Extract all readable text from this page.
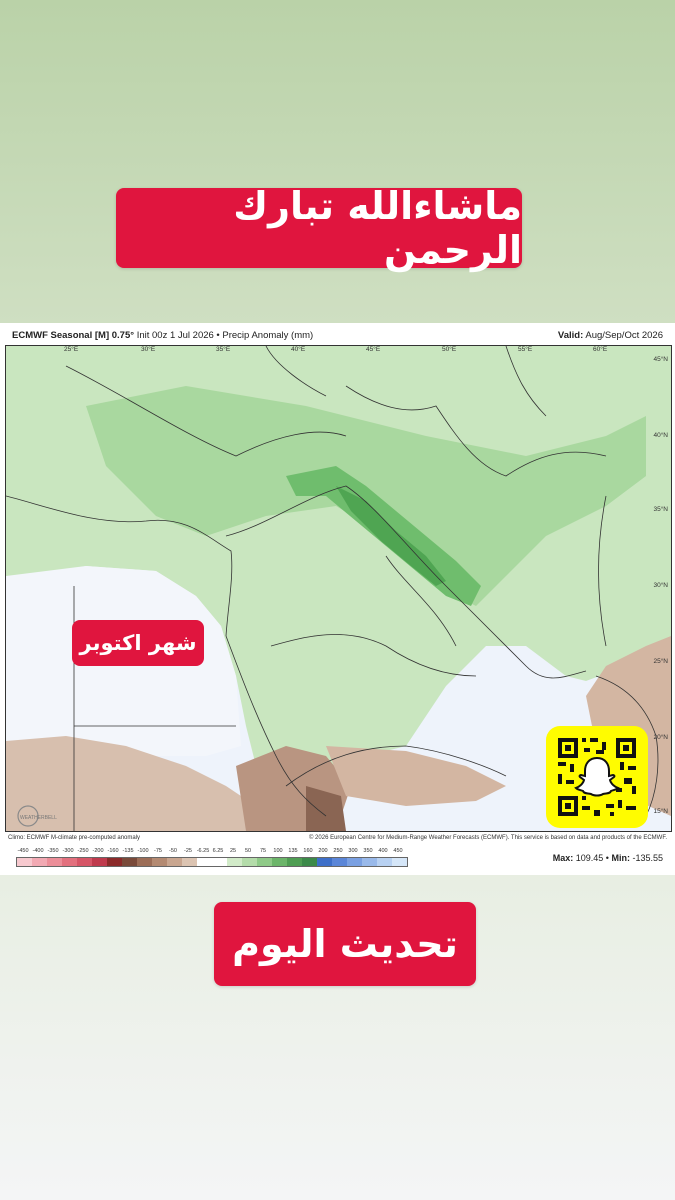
ماشاءالله تبارك الرحمن
ECMWF Seasonal [M] 0.75° Init 00z 1 Jul 2026 • Precip Anomaly (mm)	Valid: Aug/Sep/Oct 2026
WEATHERBELL
25°E	30°E	35°E	40°E	45°E	50°E	55°E	60°E
45°N
40°N
35°N
30°N
25°N
20°N
15°N
Climo: ECMWF M-climate pre-computed anomaly	© 2026 European Centre for Medium-Range Weather Forecasts (ECMWF). This service is based on data and products of the ECMWF.
-450 -400 -350 -300 -250 -200 -160 -135 -100 -75 -50 -25 -6.25 6.25 25 50 75 100 135 160 200 250 300 350 400 450
Max: 109.45 • Min: -135.55
شهر اكتوبر
تحديث اليوم
